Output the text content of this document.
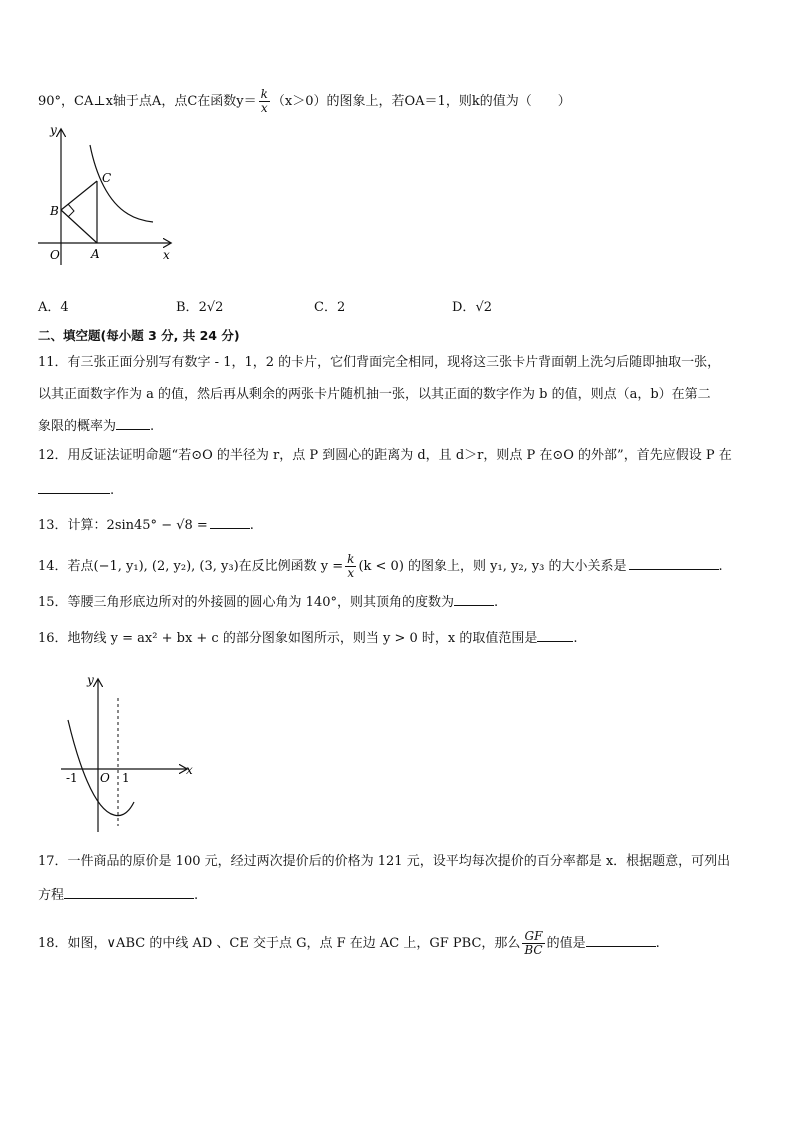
90°，CA⊥x轴于点A，点C在函数$y= \frac{k}{x} (x>0)$的图象上，若OA＝1，则k的值为（　　）
y
C
B
O	A	x
A．4	B．2√2	C．2	D．√2
二、填空题(每小题 3 分, 共 24 分)
11．有三张正面分别写有数字 - 1，1，2 的卡片，它们背面完全相同，现将这三张卡片背面朝上洗匀后随即抽取一张，
以其正面数字作为 a 的值，然后再从剩余的两张卡片随机抽一张，以其正面的数字作为 b 的值，则点（a，b）在第二
象限的概率为	.
12．用反证法证明命题“若⊙O 的半径为 r，点 P 到圆心的距离为 d，且 d＞r，则点 P 在⊙O 的外部”，首先应假设 P 在
.
13．计算：2sin45° − √8 =	.
14．若点(−1, y₁), (2, y₂), (3, y₃)在反比例函数 $y = \frac{k}{x} (k < 0)$ 的图象上，则 y₁, y₂, y₃ 的大小关系是	.
15．等腰三角形底边所对的外接圆的圆心角为 140°，则其顶角的度数为	.
16．地物线 y = ax² + bx + c 的部分图象如图所示，则当 y > 0 时，x 的取值范围是	.
y
x
-1 O 1
17．一件商品的原价是 100 元，经过两次提价后的价格为 121 元，设平均每次提价的百分率都是 x．根据题意，可列出
方程	.
18．如图，∨ABC 的中线 AD 、CE 交于点 G，点 F 在边 AC 上，GF PBC，那么 $\frac{GF}{BC}$ 的值是	.
